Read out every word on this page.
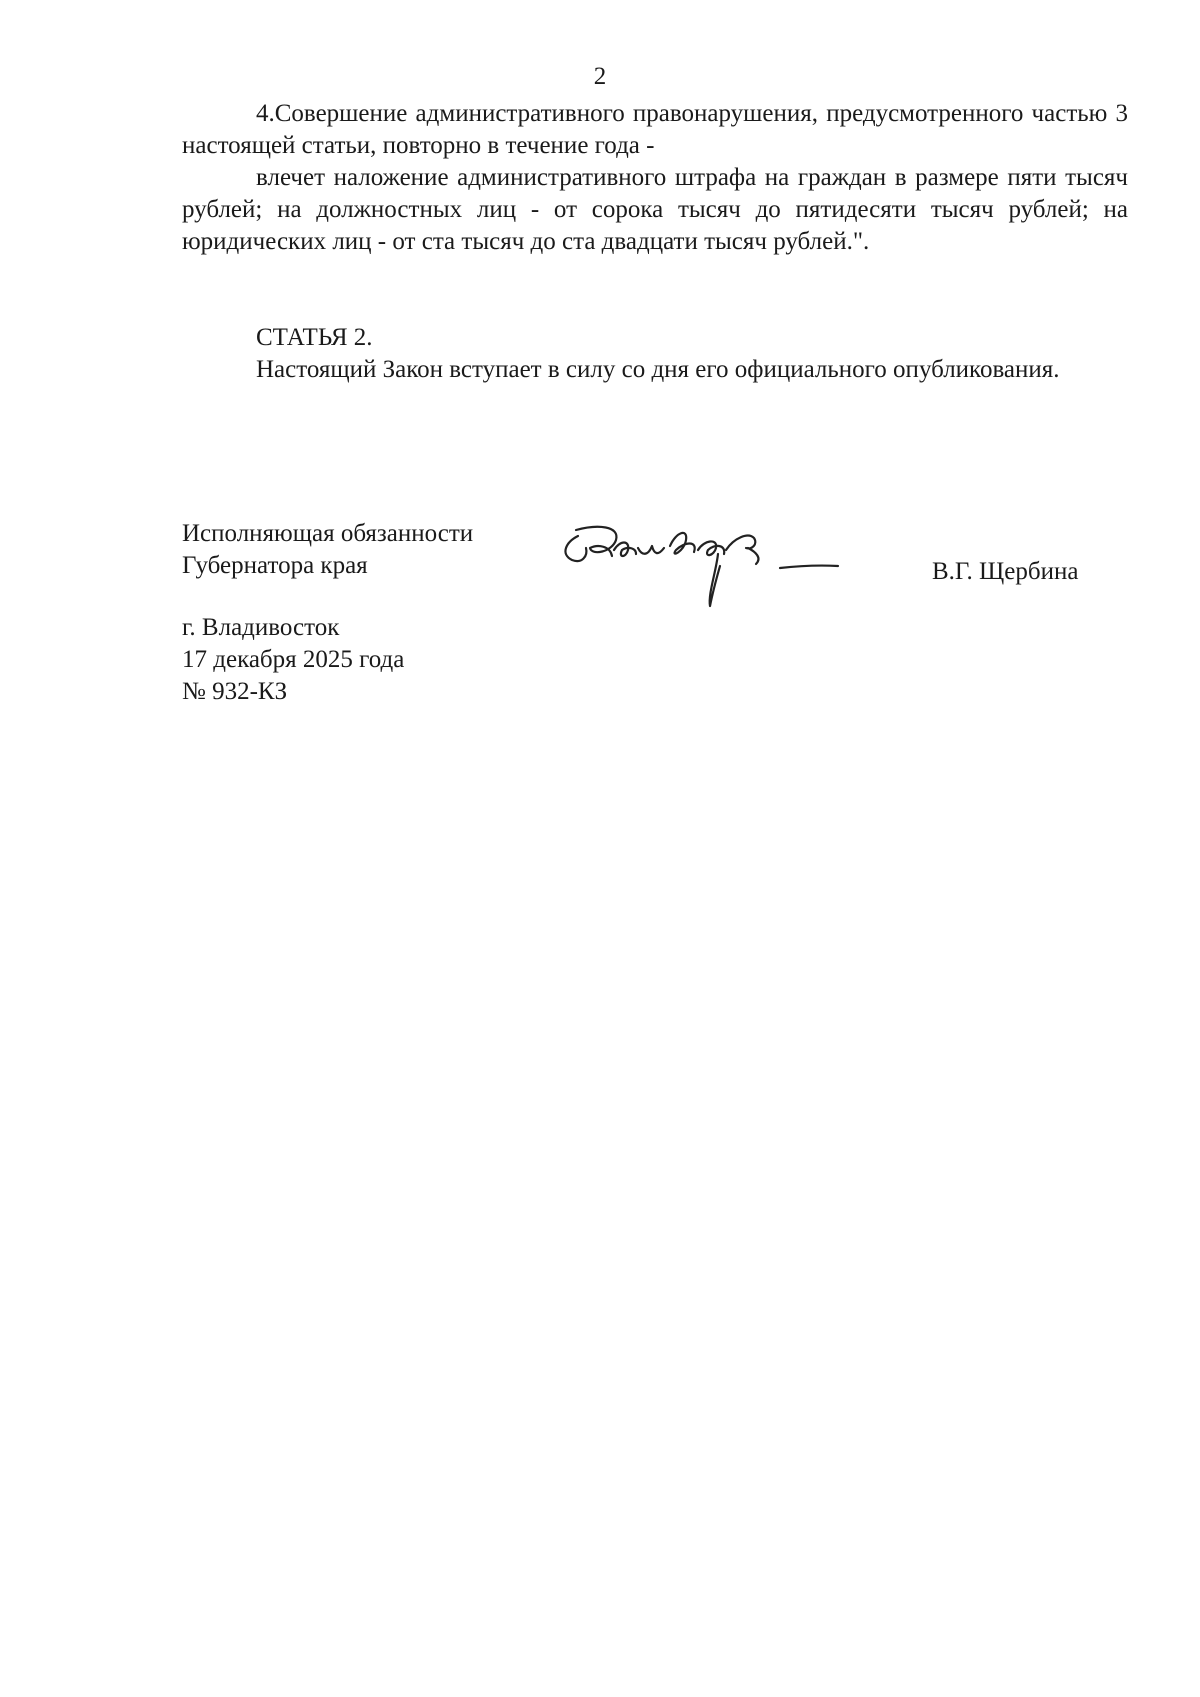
2

4.Совершение административного правонарушения, предусмотренного частью 3 настоящей статьи, повторно в течение года -

влечет наложение административного штрафа на граждан в размере пяти тысяч рублей; на должностных лиц - от сорока тысяч до пятидесяти тысяч рублей; на юридических лиц - от ста тысяч до ста двадцати тысяч рублей.".

СТАТЬЯ 2.

Настоящий Закон вступает в силу со дня его официального опубликования.

Исполняющая обязанности
Губернатора края	В.Г. Щербина
г. Владивосток
17 декабря 2025 года
№ 932-КЗ
